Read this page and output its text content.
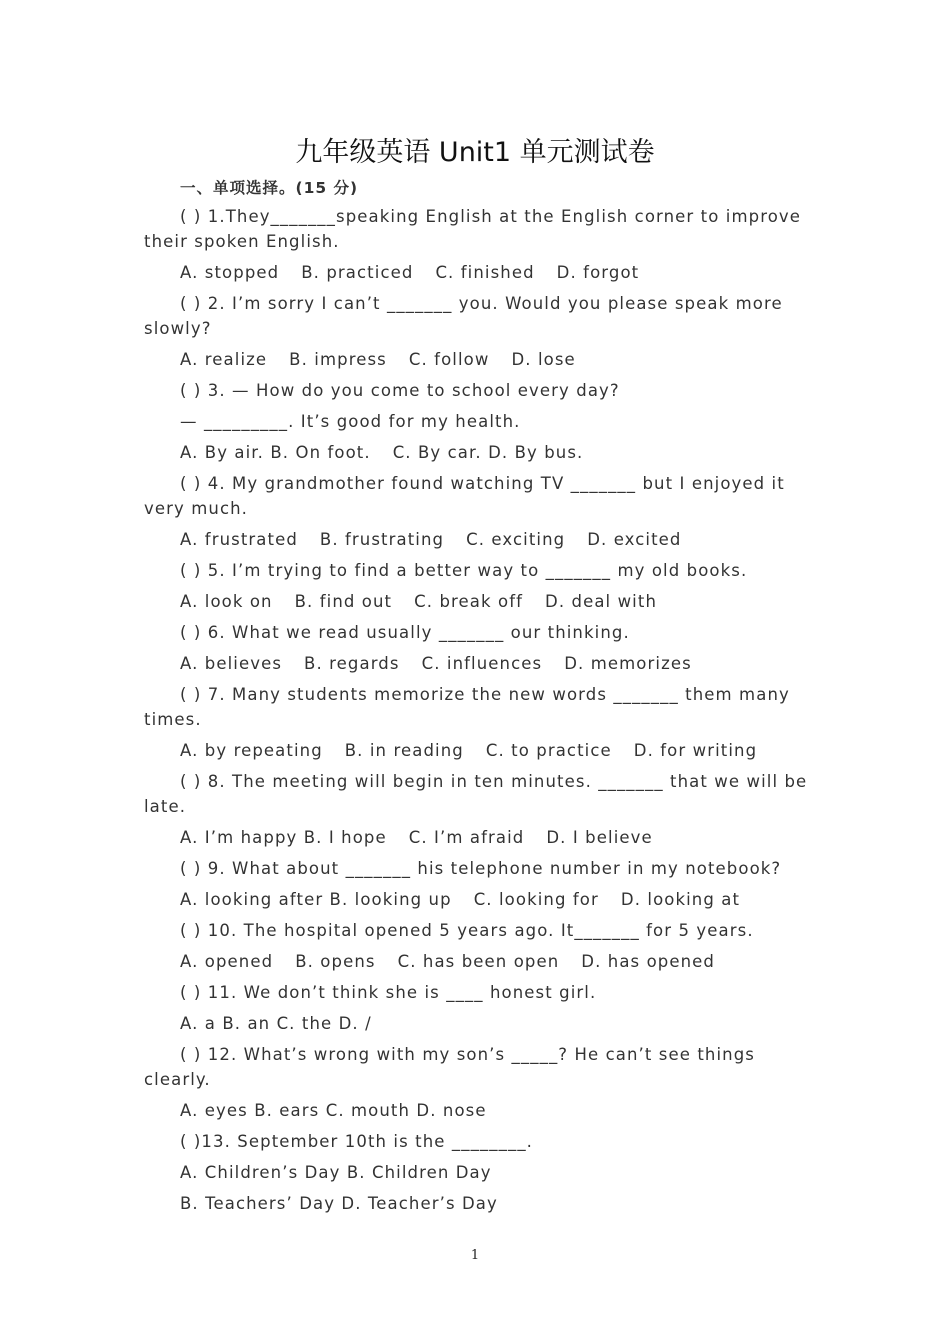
九年级英语 Unit1 单元测试卷
一、单项选择。(15 分)
( ) 1.They_______speaking English at the English corner to improve their spoken English.
A. stopped B. practiced C. finished D. forgot
( ) 2. I’m sorry I can’t _______ you. Would you please speak more slowly?
A. realize B. impress C. follow D. lose
( ) 3. — How do you come to school every day?
— _________. It’s good for my health.
A. By air. B. On foot. C. By car. D. By bus.
( ) 4. My grandmother found watching TV _______ but I enjoyed it very much.
A. frustrated B. frustrating C. exciting D. excited
( ) 5. I’m trying to find a better way to _______ my old books.
A. look on B. find out C. break off D. deal with
( ) 6. What we read usually _______ our thinking.
A. believes B. regards C. influences D. memorizes
( ) 7. Many students memorize the new words _______ them many times.
A. by repeating B. in reading C. to practice D. for writing
( ) 8. The meeting will begin in ten minutes. _______ that we will be late.
A. I’m happy B. I hope C. I’m afraid D. I believe
( ) 9. What about _______ his telephone number in my notebook?
A. looking after B. looking up C. looking for D. looking at
( ) 10. The hospital opened 5 years ago. It_______ for 5 years.
A. opened B. opens C. has been open D. has opened
( ) 11. We don’t think she is ____ honest girl.
A. a B. an C. the D. /
( ) 12. What’s wrong with my son’s _____? He can’t see things clearly.
A. eyes B. ears C. mouth D. nose
( )13. September 10th is the ________.
A. Children’s Day B. Children Day
B. Teachers’ Day D. Teacher’s Day
1
